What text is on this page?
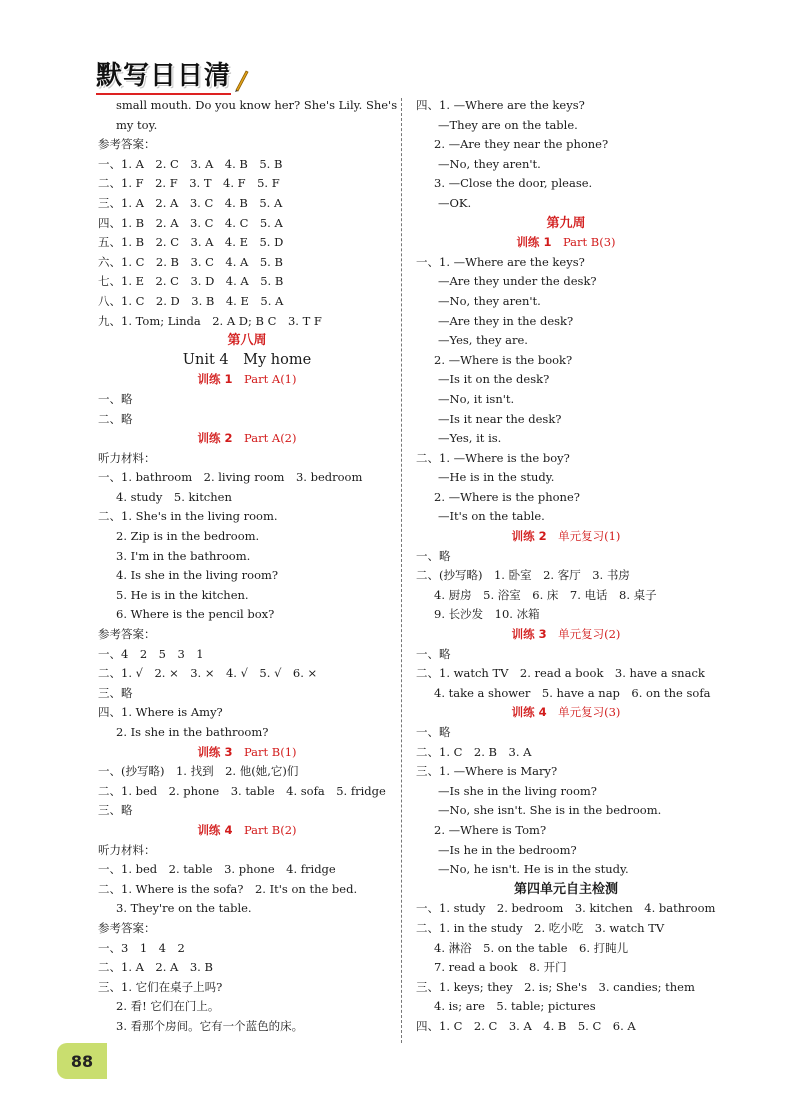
默写日日清
small mouth. Do you know her? She's Lily. She's
my toy.
参考答案：
一、1. A　2. C　3. A　4. B　5. B
二、1. F　2. F　3. T　4. F　5. F
三、1. A　2. A　3. C　4. B　5. A
四、1. B　2. A　3. C　4. C　5. A
五、1. B　2. C　3. A　4. E　5. D
六、1. C　2. B　3. C　4. A　5. B
七、1. E　2. C　3. D　4. A　5. B
八、1. C　2. D　3. B　4. E　5. A
九、1. Tom; Linda　2. A D; B C　3. T F
第八周
Unit 4　My home
训练 1　 Part A(1)
一、略
二、略
训练 2　 Part A(2)
听力材料：
一、1. bathroom　2. living room　3. bedroom
4. study　5. kitchen
二、1. She's in the living room.
2. Zip is in the bedroom.
3. I'm in the bathroom.
4. Is she in the living room?
5. He is in the kitchen.
6. Where is the pencil box?
参考答案：
一、4　2　5　3　1
二、1. √　2. ×　3. ×　4. √　5. √　6. ×
三、略
四、1. Where is Amy?
2. Is she in the bathroom?
训练 3　 Part B(1)
一、(抄写略)　1. 找到　2. 他(她,它)们
二、1. bed　2. phone　3. table　4. sofa　5. fridge
三、略
训练 4　 Part B(2)
听力材料：
一、1. bed　2. table　3. phone　4. fridge
二、1. Where is the sofa?　2. It's on the bed.
3. They're on the table.
参考答案：
一、3　1　4　2
二、1. A　2. A　3. B
三、1. 它们在桌子上吗?
2. 看! 它们在门上。
3. 看那个房间。它有一个蓝色的床。
四、1. —Where are the keys?
—They are on the table.
2. —Are they near the phone?
—No, they aren't.
3. —Close the door, please.
—OK.
第九周
训练 1　 Part B(3)
一、1. —Where are the keys?
—Are they under the desk?
—No, they aren't.
—Are they in the desk?
—Yes, they are.
2. —Where is the book?
—Is it on the desk?
—No, it isn't.
—Is it near the desk?
—Yes, it is.
二、1. —Where is the boy?
—He is in the study.
2. —Where is the phone?
—It's on the table.
训练 2　 单元复习(1)
一、略
二、(抄写略)　1. 卧室　2. 客厅　3. 书房
4. 厨房　5. 浴室　6. 床　7. 电话　8. 桌子
9. 长沙发　10. 冰箱
训练 3　 单元复习(2)
一、略
二、1. watch TV　2. read a book　3. have a snack
4. take a shower　5. have a nap　6. on the sofa
训练 4　 单元复习(3)
一、略
二、1. C　2. B　3. A
三、1. —Where is Mary?
—Is she in the living room?
—No, she isn't. She is in the bedroom.
2. —Where is Tom?
—Is he in the bedroom?
—No, he isn't. He is in the study.
第四单元自主检测
一、1. study　2. bedroom　3. kitchen　4. bathroom
二、1. in the study　2. 吃小吃　3. watch TV
4. 淋浴　5. on the table　6. 打盹儿
7. read a book　8. 开门
三、1. keys; they　2. is; She's　3. candies; them
4. is; are　5. table; pictures
四、1. C　2. C　3. A　4. B　5. C　6. A
88
